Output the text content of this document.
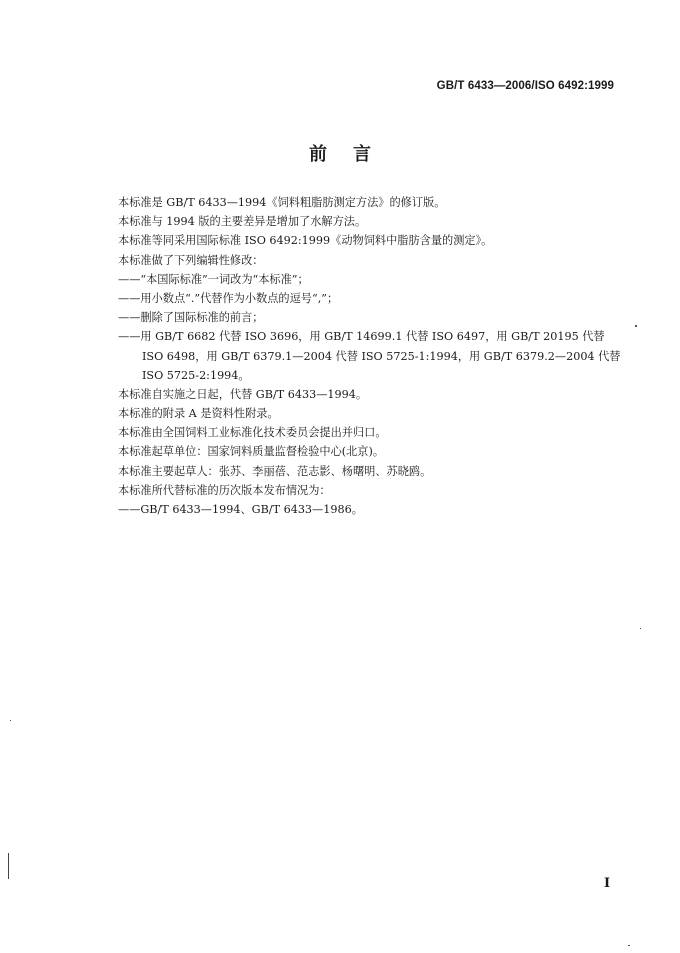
GB/T 6433—2006/ISO 6492:1999
前言
本标准是 GB/T 6433—1994《饲料粗脂肪测定方法》的修订版。
本标准与 1994 版的主要差异是增加了水解方法。
本标准等同采用国际标准 ISO 6492:1999《动物饲料中脂肪含量的测定》。
本标准做了下列编辑性修改：
——“本国际标准”一词改为“本标准”；
——用小数点“.”代替作为小数点的逗号“,”；
——删除了国际标准的前言；
——用 GB/T 6682 代替 ISO 3696，用 GB/T 14699.1 代替 ISO 6497，用 GB/T 20195 代替
ISO 6498，用 GB/T 6379.1—2004 代替 ISO 5725-1:1994，用 GB/T 6379.2—2004 代替
ISO 5725-2:1994。
本标准自实施之日起，代替 GB/T 6433—1994。
本标准的附录 A 是资料性附录。
本标准由全国饲料工业标准化技术委员会提出并归口。
本标准起草单位：国家饲料质量监督检验中心(北京)。
本标准主要起草人：张苏、李丽蓓、范志影、杨曙明、苏晓鸥。
本标准所代替标准的历次版本发布情况为：
——GB/T 6433—1994、GB/T 6433—1986。
I
